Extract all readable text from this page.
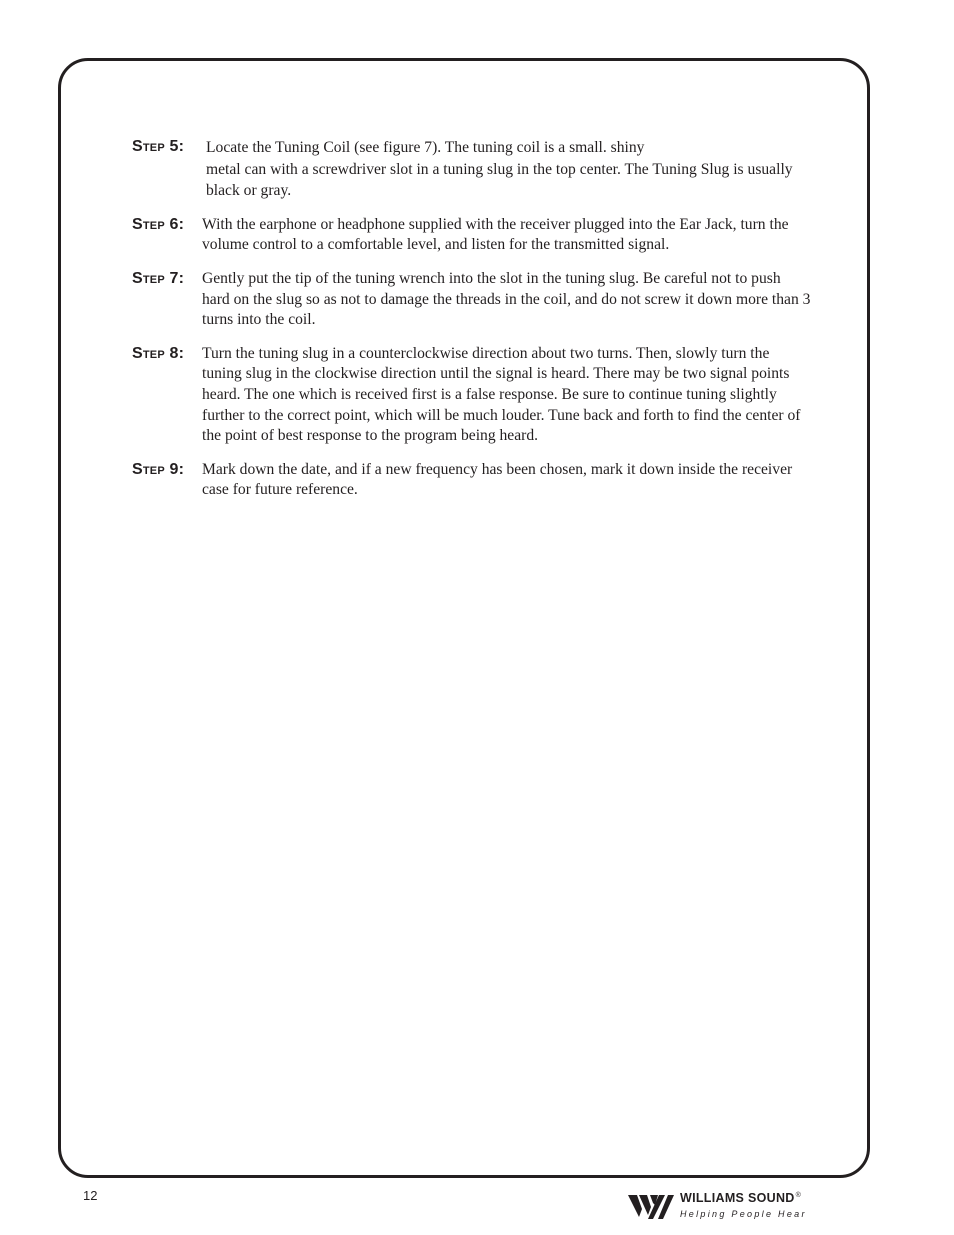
Step 5:	Locate the Tuning Coil (see figure 7). The tuning coil is a small. shiny
metal can with a screwdriver slot in a tuning slug in the top center. The Tuning Slug is usually black or gray.

Step 6:	With the earphone or headphone supplied with the receiver plugged into the Ear Jack, turn the volume control to a comfortable level, and listen for the transmitted signal.

Step 7:	Gently put the tip of the tuning wrench into the slot in the tuning slug. Be careful not to push hard on the slug so as not to damage the threads in the coil, and do not screw it down more than 3 turns into the coil.

Step 8:	Turn the tuning slug in a counterclockwise direction about two turns. Then, slowly turn the tuning slug in the clockwise direction until the signal is heard. There may be two signal points heard. The one which is received first is a false response. Be sure to continue tuning slightly further to the correct point, which will be much louder. Tune back and forth to find the center of the point of best response to the program being heard.

Step 9:	Mark down the date, and if a new frequency has been chosen, mark it down inside the receiver case for future reference.

12	WILLIAMS SOUND®
Helping People Hear
